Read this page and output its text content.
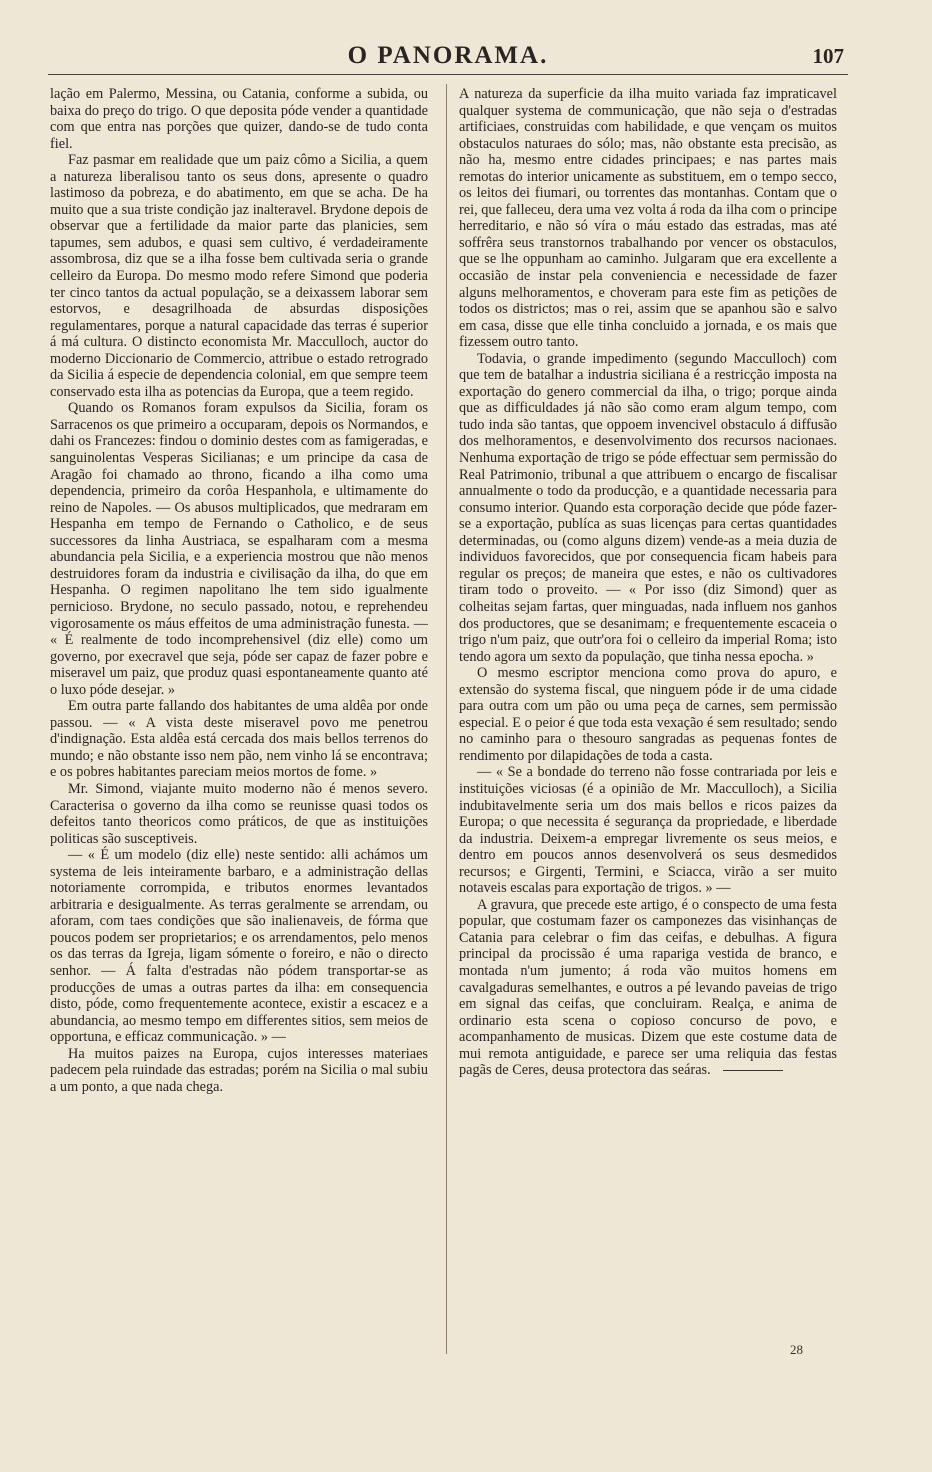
O PANORAMA.	107

lação em Palermo, Messina, ou Catania, conforme a subida, ou baixa do preço do trigo. O que deposita póde vender a quantidade com que entra nas porções que quizer, dando-se de tudo conta fiel.

Faz pasmar em realidade que um paiz cômo a Sicilia, a quem a natureza liberalisou tanto os seus dons, apresente o quadro lastimoso da pobreza, e do abatimento, em que se acha. De ha muito que a sua triste condição jaz inalteravel. Brydone depois de observar que a fertilidade da maior parte das planicies, sem tapumes, sem adubos, e quasi sem cultivo, é verdadeiramente assombrosa, diz que se a ilha fosse bem cultivada seria o grande celleiro da Europa. Do mesmo modo refere Simond que poderia ter cinco tantos da actual população, se a deixassem laborar sem estorvos, e desagrilhoada de absurdas disposições regulamentares, porque a natural capacidade das terras é superior á má cultura. O distincto economista Mr. Macculloch, auctor do moderno Diccionario de Commercio, attribue o estado retrogrado da Sicilia á especie de dependencia colonial, em que sempre teem conservado esta ilha as potencias da Europa, que a teem regido.

Quando os Romanos foram expulsos da Sicilia, foram os Sarracenos os que primeiro a occuparam, depois os Normandos, e dahi os Francezes: findou o dominio destes com as famigeradas, e sanguinolentas Vesperas Sicilianas; e um principe da casa de Aragão foi chamado ao throno, ficando a ilha como uma dependencia, primeiro da corôa Hespanhola, e ultimamente do reino de Napoles. — Os abusos multiplicados, que medraram em Hespanha em tempo de Fernando o Catholico, e de seus successores da linha Austriaca, se espalharam com a mesma abundancia pela Sicilia, e a experiencia mostrou que não menos destruidores foram da industria e civilisação da ilha, do que em Hespanha. O regimen napolitano lhe tem sido igualmente pernicioso. Brydone, no seculo passado, notou, e reprehendeu vigorosamente os máus effeitos de uma administração funesta. — « É realmente de todo incomprehensivel (diz elle) como um governo, por execravel que seja, póde ser capaz de fazer pobre e miseravel um paiz, que produz quasi espontaneamente quanto até o luxo póde desejar. »

Em outra parte fallando dos habitantes de uma aldêa por onde passou. — « A vista deste miseravel povo me penetrou d'indignação. Esta aldêa está cercada dos mais bellos terrenos do mundo; e não obstante isso nem pão, nem vinho lá se encontrava; e os pobres habitantes pareciam meios mortos de fome. »

Mr. Simond, viajante muito moderno não é menos severo. Caracterisa o governo da ilha como se reunisse quasi todos os defeitos tanto theoricos como práticos, de que as instituições politicas são susceptiveis.

— « É um modelo (diz elle) neste sentido: alli achámos um systema de leis inteiramente barbaro, e a administração dellas notoriamente corrompida, e tributos enormes levantados arbitraria e desigualmente. As terras geralmente se arrendam, ou aforam, com taes condições que são inalienaveis, de fórma que poucos podem ser proprietarios; e os arrendamentos, pelo menos os das terras da Igreja, ligam sómente o foreiro, e não o directo senhor. — Á falta d'estradas não pódem transportar-se as producções de umas a outras partes da ilha: em consequencia disto, póde, como frequentemente acontece, existir a escacez e a abundancia, ao mesmo tempo em differentes sitios, sem meios de opportuna, e efficaz communicação. » —

Ha muitos paizes na Europa, cujos interesses materiaes padecem pela ruindade das estradas; porém na Sicilia o mal subiu a um ponto, a que nada chega.

A natureza da superficie da ilha muito variada faz impraticavel qualquer systema de communicação, que não seja o d'estradas artificiaes, construidas com habilidade, e que vençam os muitos obstaculos naturaes do sólo; mas, não obstante esta precisão, as não ha, mesmo entre cidades principaes; e nas partes mais remotas do interior unicamente as substituem, em o tempo secco, os leitos dei fiumari, ou torrentes das montanhas. Contam que o rei, que falleceu, dera uma vez volta á roda da ilha com o principe herreditario, e não só víra o máu estado das estradas, mas até soffrêra seus transtornos trabalhando por vencer os obstaculos, que se lhe oppunham ao caminho. Julgaram que era excellente a occasião de instar pela conveniencia e necessidade de fazer alguns melhoramentos, e choveram para este fim as petições de todos os districtos; mas o rei, assim que se apanhou são e salvo em casa, disse que elle tinha concluido a jornada, e os mais que fizessem outro tanto.

Todavia, o grande impedimento (segundo Macculloch) com que tem de batalhar a industria siciliana é a restricção imposta na exportação do genero commercial da ilha, o trigo; porque ainda que as difficuldades já não são como eram algum tempo, com tudo inda são tantas, que oppoem invencivel obstaculo á diffusão dos melhoramentos, e desenvolvimento dos recursos nacionaes. Nenhuma exportação de trigo se póde effectuar sem permissão do Real Patrimonio, tribunal a que attribuem o encargo de fiscalisar annualmente o todo da producção, e a quantidade necessaria para consumo interior. Quando esta corporação decide que póde fazer-se a exportação, publíca as suas licenças para certas quantidades determinadas, ou (como alguns dizem) vende-as a meia duzia de individuos favorecidos, que por consequencia ficam habeis para regular os preços; de maneira que estes, e não os cultivadores tiram todo o proveito. — « Por isso (diz Simond) quer as colheitas sejam fartas, quer minguadas, nada influem nos ganhos dos productores, que se desanimam; e frequentemente escaceia o trigo n'um paiz, que outr'ora foi o celleiro da imperial Roma; isto tendo agora um sexto da população, que tinha nessa epocha. »

O mesmo escriptor menciona como prova do apuro, e extensão do systema fiscal, que ninguem póde ir de uma cidade para outra com um pão ou uma peça de carnes, sem permissão especial. E o peior é que toda esta vexação é sem resultado; sendo no caminho para o thesouro sangradas as pequenas fontes de rendimento por dilapidações de toda a casta.

— « Se a bondade do terreno não fosse contrariada por leis e instituições viciosas (é a opinião de Mr. Macculloch), a Sicilia indubitavelmente seria um dos mais bellos e ricos paizes da Europa; o que necessita é segurança da propriedade, e liberdade da industria. Deixem-a empregar livremente os seus meios, e dentro em poucos annos desenvolverá os seus desmedidos recursos; e Girgenti, Termini, e Sciacca, virão a ser muito notaveis escalas para exportação de trigos. » —

A gravura, que precede este artigo, é o conspecto de uma festa popular, que costumam fazer os camponezes das visinhanças de Catania para celebrar o fim das ceifas, e debulhas. A figura principal da procissão é uma rapariga vestida de branco, e montada n'um jumento; á roda vão muitos homens em cavalgaduras semelhantes, e outros a pé levando paveias de trigo em signal das ceifas, que concluiram. Realça, e anima de ordinario esta scena o copioso concurso de povo, e acompanhamento de musicas. Dizem que este costume data de mui remota antiguidade, e parece ser uma reliquia das festas pagãs de Ceres, deusa protectora das seáras.

28
